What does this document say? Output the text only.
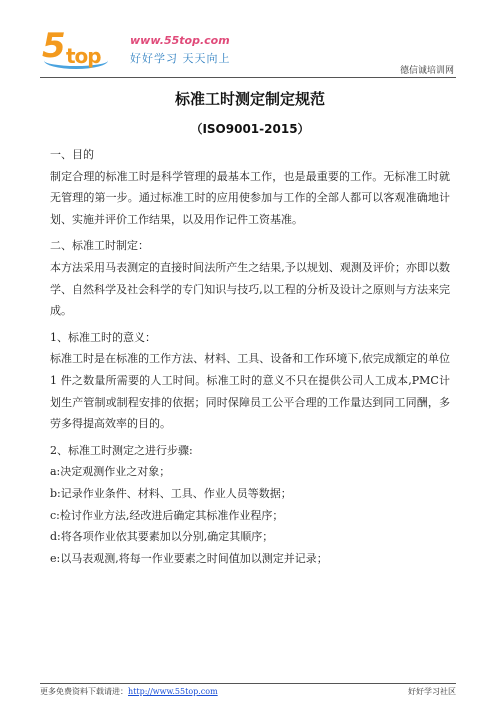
5 top
www.55top.com
好好学习 天天向上
德信诚培训网
标准工时测定制定规范
（ISO9001-2015）

一、目的

制定合理的标准工时是科学管理的最基本工作，也是最重要的工作。无标准工时就无管理的第一步。通过标准工时的应用使参加与工作的全部人都可以客观准确地计划、实施并评价工作结果，以及用作记件工资基准。

二、标准工时制定：

本方法采用马表测定的直接时间法所产生之结果,予以规划、观测及评价；亦即以数学、自然科学及社会科学的专门知识与技巧,以工程的分析及设计之原则与方法来完成。

1、标准工时的意义：

标准工时是在标准的工作方法、材料、工具、设备和工作环境下,依完成额定的单位 1 件之数量所需要的人工时间。标准工时的意义不只在提供公司人工成本,PMC计划生产管制或制程安排的依据；同时保障员工公平合理的工作量达到同工同酬，多劳多得提高效率的目的。

2、标准工时测定之进行步骤:

a:决定观测作业之对象；

b:记录作业条件、材料、工具、作业人员等数据；

c:检讨作业方法,经改进后确定其标准作业程序；

d:将各项作业依其要素加以分别,确定其顺序；

e:以马表观测,将每一作业要素之时间值加以测定并记录；

更多免费资料下载请进：http://www.55top.com	好好学习社区
